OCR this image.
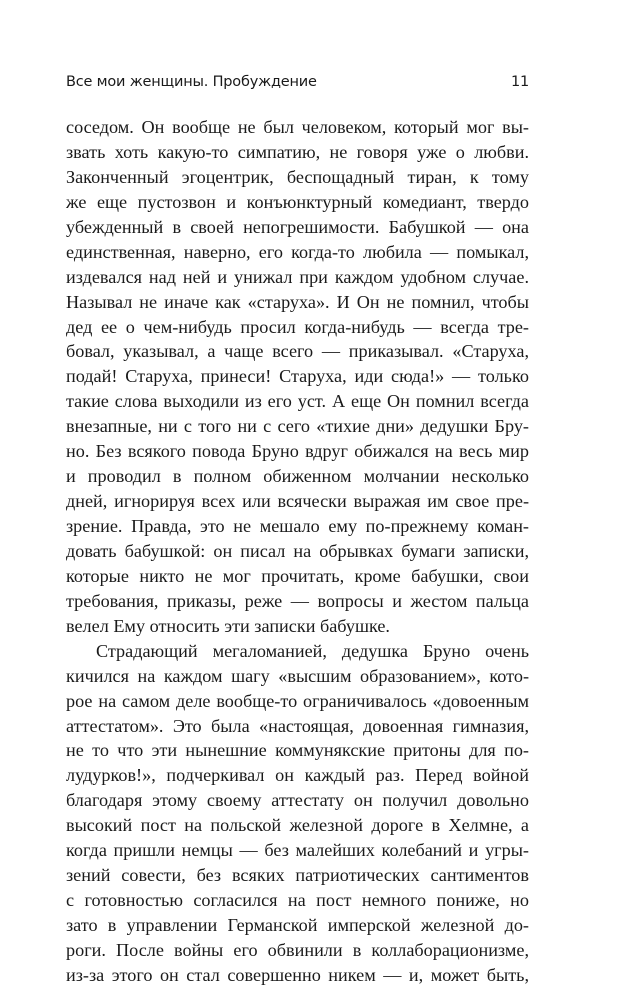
Все мои женщины. Пробуждение	11
соседом. Он вообще не был человеком, который мог вы-
звать хоть какую-то симпатию, не говоря уже о любви.
Законченный эгоцентрик, беспощадный тиран, к тому
же еще пустозвон и конъюнктурный комедиант, твердо
убежденный в своей непогрешимости. Бабушкой — она
единственная, наверно, его когда-то любила — помыкал,
издевался над ней и унижал при каждом удобном случае.
Называл не иначе как «старуха». И Он не помнил, чтобы
дед ее о чем-нибудь просил когда-нибудь — всегда тре-
бовал, указывал, а чаще всего — приказывал. «Старуха,
подай! Старуха, принеси! Старуха, иди сюда!» — только
такие слова выходили из его уст. А еще Он помнил всегда
внезапные, ни с того ни с сего «тихие дни» дедушки Бру-
но. Без всякого повода Бруно вдруг обижался на весь мир
и проводил в полном обиженном молчании несколько
дней, игнорируя всех или всячески выражая им свое пре-
зрение. Правда, это не мешало ему по-прежнему коман-
довать бабушкой: он писал на обрывках бумаги записки,
которые никто не мог прочитать, кроме бабушки, свои
требования, приказы, реже — вопросы и жестом пальца
велел Ему относить эти записки бабушке.
Страдающий мегаломанией, дедушка Бруно очень
кичился на каждом шагу «высшим образованием», кото-
рое на самом деле вообще-то ограничивалось «довоенным
аттестатом». Это была «настоящая, довоенная гимназия,
не то что эти нынешние коммунякские притоны для по-
лудурков!», подчеркивал он каждый раз. Перед войной
благодаря этому своему аттестату он получил довольно
высокий пост на польской железной дороге в Хелмне, а
когда пришли немцы — без малейших колебаний и угры-
зений совести, без всяких патриотических сантиментов
с готовностью согласился на пост немного пониже, но
зато в управлении Германской имперской железной до-
роги. После войны его обвинили в коллаборационизме,
из-за этого он стал совершенно никем — и, может быть,
